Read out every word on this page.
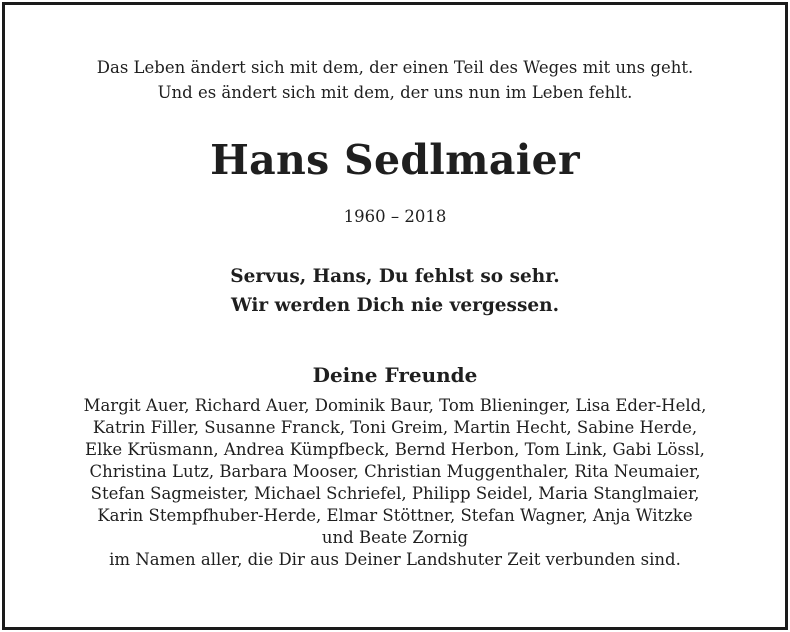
Das Leben ändert sich mit dem, der einen Teil des Weges mit uns geht.
Und es ändert sich mit dem, der uns nun im Leben fehlt.
Hans Sedlmaier
1960 – 2018
Servus, Hans, Du fehlst so sehr.
Wir werden Dich nie vergessen.
Deine Freunde
Margit Auer, Richard Auer, Dominik Baur, Tom Blieninger, Lisa Eder-Held,
Katrin Filler, Susanne Franck, Toni Greim, Martin Hecht, Sabine Herde,
Elke Krüsmann, Andrea Kümpfbeck, Bernd Herbon, Tom Link, Gabi Lössl,
Christina Lutz, Barbara Mooser, Christian Muggenthaler, Rita Neumaier,
Stefan Sagmeister, Michael Schriefel, Philipp Seidel, Maria Stanglmaier,
Karin Stempfhuber-Herde, Elmar Stöttner, Stefan Wagner, Anja Witzke
und Beate Zornig
im Namen aller, die Dir aus Deiner Landshuter Zeit verbunden sind.
